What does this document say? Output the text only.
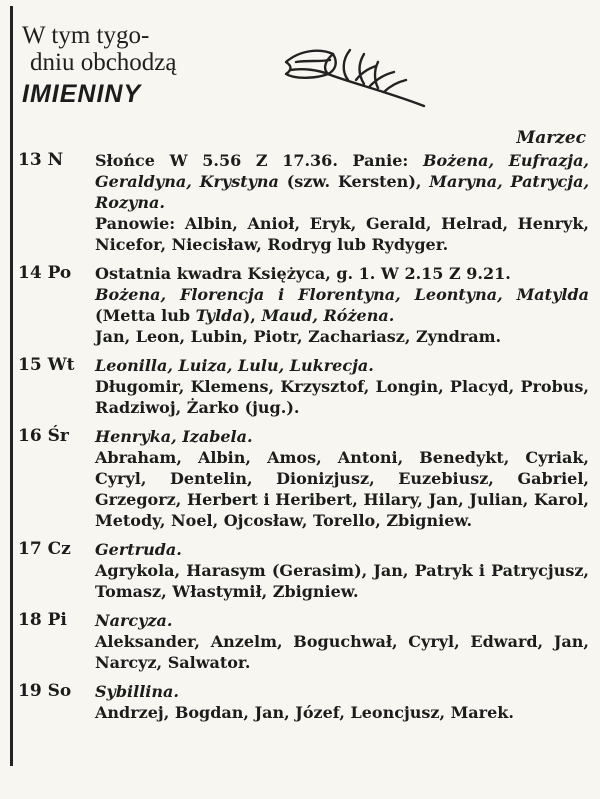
W tym tygo-
dniu obchodzą
IMIENINY
Marzec
13 N	Słońce W 5.56 Z 17.36. Panie: Bożena, Eufrazja, Geraldyna, Krystyna (szw. Kersten), Maryna, Patrycja, Rozyna.

Panowie: Albin, Anioł, Eryk, Gerald, Helrad, Henryk, Nicefor, Niecisław, Rodryg lub Rydyger.

14 Po	Ostatnia kwadra Księżyca, g. 1. W 2.15 Z 9.21.

Bożena, Florencja i Florentyna, Leontyna, Matylda (Metta lub Tylda), Maud, Różena.

Jan, Leon, Lubin, Piotr, Zachariasz, Zyndram.

15 Wt	Leonilla, Luiza, Lulu, Lukrecja.

Długomir, Klemens, Krzysztof, Longin, Placyd, Probus, Radziwoj, Żarko (jug.).

16 Śr	Henryka, Izabela.

Abraham, Albin, Amos, Antoni, Benedykt, Cyriak, Cyryl, Dentelin, Dionizjusz, Euzebiusz, Gabriel, Grzegorz, Herbert i Heribert, Hilary, Jan, Julian, Karol, Metody, Noel, Ojcosław, Torello, Zbigniew.

17 Cz	Gertruda.

Agrykola, Harasym (Gerasim), Jan, Patryk i Patrycjusz, Tomasz, Włastymił, Zbigniew.

18 Pi	Narcyza.

Aleksander, Anzelm, Boguchwał, Cyryl, Edward, Jan, Narcyz, Salwator.

19 So	Sybillina.

Andrzej, Bogdan, Jan, Józef, Leoncjusz, Marek.
